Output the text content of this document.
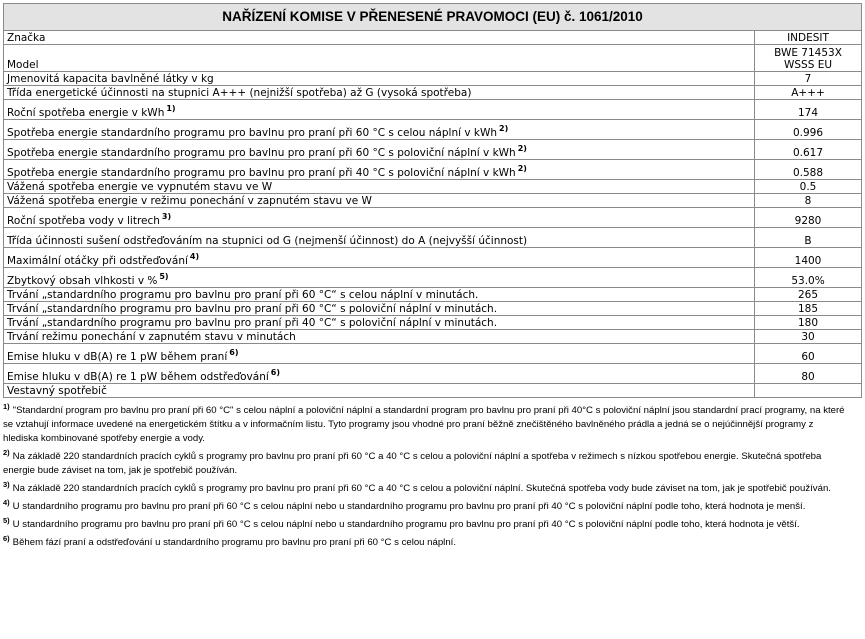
NAŘÍZENÍ KOMISE V PŘENESENÉ PRAVOMOCI (EU) č. 1061/2010	
Značka	INDESIT
Model	BWE 71453X WSSS EU
Jmenovitá kapacita bavlněné látky v kg	7
Třída energetické účinnosti na stupnici A+++ (nejnižší spotřeba) až G (vysoká spotřeba)	A+++
Roční spotřeba energie v kWh $^{1)}$	174
Spotřeba energie standardního programu pro bavlnu pro praní při 60 °C s celou náplní v kWh $^{2)}$	0.996
Spotřeba energie standardního programu pro bavlnu pro praní při 60 °C s poloviční náplní v kWh $^{2)}$	0.617
Spotřeba energie standardního programu pro bavlnu pro praní při 40 °C s poloviční náplní v kWh $^{2)}$	0.588
Vážená spotřeba energie ve vypnutém stavu ve W	0.5
Vážená spotřeba energie v režimu ponechání v zapnutém stavu ve W	8
Roční spotřeba vody v litrech $^{3)}$	9280
Třída účinnosti sušení odstřeďováním na stupnici od G (nejmenší účinnost) do A (nejvyšší účinnost)	B
Maximální otáčky při odstřeďování $^{4)}$	1400
Zbytkový obsah vlhkosti v % $^{5)}$	53.0%
Trvání „standardního programu pro bavlnu pro praní při 60 °C“ s celou náplní v minutách.	265
Trvání „standardního programu pro bavlnu pro praní při 60 °C“ s poloviční náplní v minutách.	185
Trvání „standardního programu pro bavlnu pro praní při 40 °C“ s poloviční náplní v minutách.	180
Trvání režimu ponechání v zapnutém stavu v minutách	30
Emise hluku v dB(A) re 1 pW během praní $^{6)}$	60
Emise hluku v dB(A) re 1 pW během odstřeďování $^{6)}$	80
Vestavný spotřebič	
$^{1)}$ "Standardní program pro bavlnu pro praní při 60 °C" s celou náplní a poloviční náplní a standardní program pro bavlnu pro praní při 40°C s poloviční náplní jsou standardní prací programy, na které se vztahují informace uvedené na energetickém štítku a v informačním listu. Tyto programy jsou vhodné pro praní běžně znečištěného bavlněného prádla a jedná se o nejúčinnější programy z hlediska kombinované spotřeby energie a vody.
$^{2)}$ Na základě 220 standardních pracích cyklů s programy pro bavlnu pro praní při 60 °C a 40 °C s celou a poloviční náplní a spotřeba v režimech s nízkou spotřebou energie. Skutečná spotřeba energie bude záviset na tom, jak je spotřebič používán.
$^{3)}$ Na základě 220 standardních pracích cyklů s programy pro bavlnu pro praní při 60 °C a 40 °C s celou a poloviční náplní. Skutečná spotřeba vody bude záviset na tom, jak je spotřebič používán.
$^{4)}$ U standardního programu pro bavlnu pro praní při 60 °C s celou náplní nebo u standardního programu pro bavlnu pro praní při 40 °C s poloviční náplní podle toho, která hodnota je menší.
$^{5)}$ U standardního programu pro bavlnu pro praní při 60 °C s celou náplní nebo u standardního programu pro bavlnu pro praní při 40 °C s poloviční náplní podle toho, která hodnota je větší.
$^{6)}$ Během fází praní a odstřeďování u standardního programu pro bavlnu pro praní při 60 °C s celou náplní.
